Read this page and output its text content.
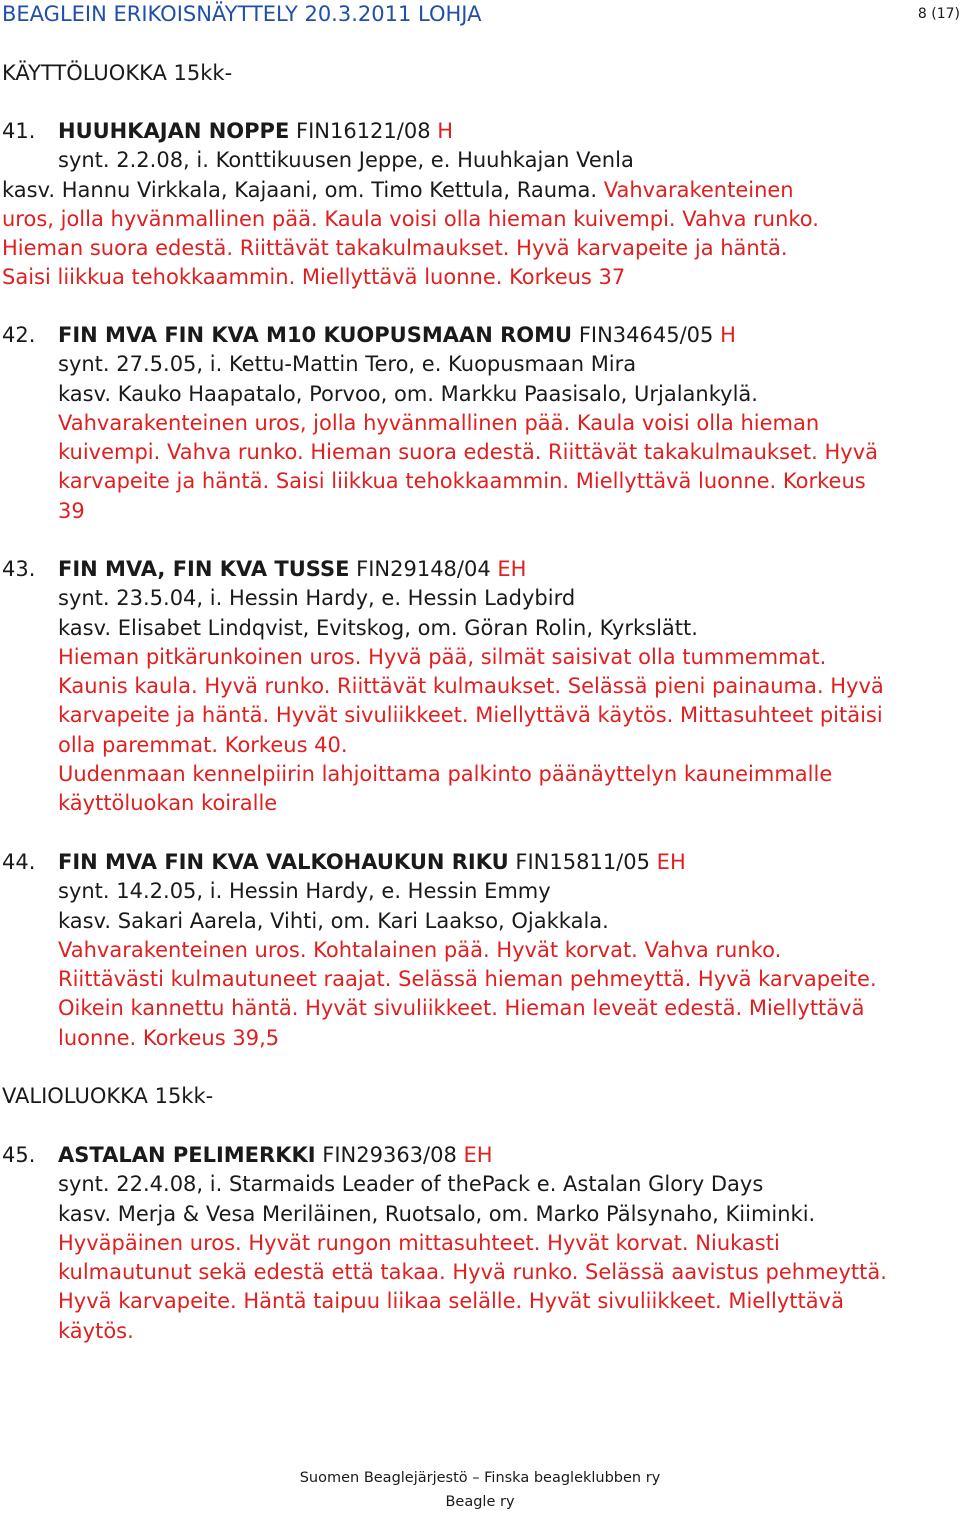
BEAGLEIN ERIKOISNÄYTTELY 20.3.2011 LOHJA	8 (17)
KÄYTTÖLUOKKA 15kk-
41. HUUHKAJAN NOPPE FIN16121/08 H
synt. 2.2.08, i. Konttikuusen Jeppe, e. Huuhkajan Venla
kasv. Hannu Virkkala, Kajaani, om. Timo Kettula, Rauma. Vahvarakenteinen
uros, jolla hyvänmallinen pää. Kaula voisi olla hieman kuivempi. Vahva runko.
Hieman suora edestä. Riittävät takakulmaukset. Hyvä karvapeite ja häntä.
Saisi liikkua tehokkaammin. Miellyttävä luonne. Korkeus 37
42. FIN MVA FIN KVA M10 KUOPUSMAAN ROMU FIN34645/05 H
synt. 27.5.05, i. Kettu-Mattin Tero, e. Kuopusmaan Mira
kasv. Kauko Haapatalo, Porvoo, om. Markku Paasisalo, Urjalankylä.
Vahvarakenteinen uros, jolla hyvänmallinen pää. Kaula voisi olla hieman
kuivempi. Vahva runko. Hieman suora edestä. Riittävät takakulmaukset. Hyvä
karvapeite ja häntä. Saisi liikkua tehokkaammin. Miellyttävä luonne. Korkeus
39
43. FIN MVA, FIN KVA TUSSE FIN29148/04 EH
synt. 23.5.04, i. Hessin Hardy, e. Hessin Ladybird
kasv. Elisabet Lindqvist, Evitskog, om. Göran Rolin, Kyrkslätt.
Hieman pitkärunkoinen uros. Hyvä pää, silmät saisivat olla tummemmat.
Kaunis kaula. Hyvä runko. Riittävät kulmaukset. Selässä pieni painauma. Hyvä
karvapeite ja häntä. Hyvät sivuliikkeet. Miellyttävä käytös. Mittasuhteet pitäisi
olla paremmat. Korkeus 40.
Uudenmaan kennelpiirin lahjoittama palkinto päänäyttelyn kauneimmalle
käyttöluokan koiralle
44. FIN MVA FIN KVA VALKOHAUKUN RIKU FIN15811/05 EH
synt. 14.2.05, i. Hessin Hardy, e. Hessin Emmy
kasv. Sakari Aarela, Vihti, om. Kari Laakso, Ojakkala.
Vahvarakenteinen uros. Kohtalainen pää. Hyvät korvat. Vahva runko.
Riittävästi kulmautuneet raajat. Selässä hieman pehmeyttä. Hyvä karvapeite.
Oikein kannettu häntä. Hyvät sivuliikkeet. Hieman leveät edestä. Miellyttävä
luonne. Korkeus 39,5
VALIOLUOKKA 15kk-
45. ASTALAN PELIMERKKI FIN29363/08 EH
synt. 22.4.08, i. Starmaids Leader of thePack e. Astalan Glory Days
kasv. Merja & Vesa Meriläinen, Ruotsalo, om. Marko Pälsynaho, Kiiminki.
Hyväpäinen uros. Hyvät rungon mittasuhteet. Hyvät korvat. Niukasti
kulmautunut sekä edestä että takaa. Hyvä runko. Selässä aavistus pehmeyttä.
Hyvä karvapeite. Häntä taipuu liikaa selälle. Hyvät sivuliikkeet. Miellyttävä
käytös.
Suomen Beaglejärjestö – Finska beagleklubben ry
Beagle ry
